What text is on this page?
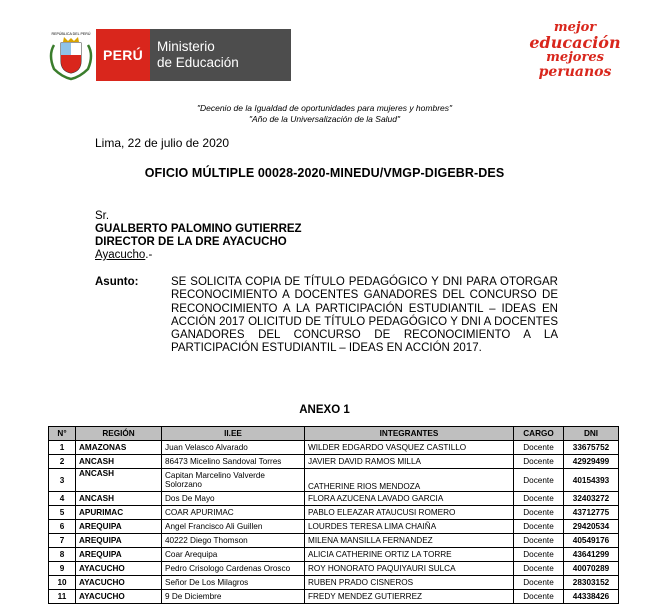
REPÚBLICA DEL PERÚ
PERÚ
Ministerio
de Educación
mejor
educación
mejores
peruanos
"Decenio de la Igualdad de oportunidades para mujeres y hombres"
"Año de la Universalización de la Salud"
Lima, 22 de julio de 2020
OFICIO MÚLTIPLE 00028-2020-MINEDU/VMGP-DIGEBR-DES
Sr.
GUALBERTO PALOMINO GUTIERREZ
DIRECTOR DE LA DRE AYACUCHO
Ayacucho.-
Asunto:	SE SOLICITA COPIA DE TÍTULO PEDAGÓGICO Y DNI PARA OTORGAR RECONOCIMIENTO A DOCENTES GANADORES DEL CONCURSO DE RECONOCIMIENTO A LA PARTICIPACIÓN ESTUDIANTIL – IDEAS EN ACCIÓN 2017 OLICITUD DE TÍTULO PEDAGÓGICO Y DNI A DOCENTES GANADORES DEL CONCURSO DE RECONOCIMIENTO A LA PARTICIPACIÓN ESTUDIANTIL – IDEAS EN ACCIÓN 2017.
ANEXO 1
N°	REGIÓN	II.EE	INTEGRANTES	CARGO	DNI
1	AMAZONAS	Juan Velasco Alvarado	WILDER EDGARDO VASQUEZ CASTILLO	Docente	33675752
2	ANCASH	86473 Micelino Sandoval Torres	JAVIER DAVID RAMOS MILLA	Docente	42929499
3	ANCASH	Capitan Marcelino Valverde Solorzano	CATHERINE RIOS MENDOZA	Docente	40154393
4	ANCASH	Dos De Mayo	FLORA AZUCENA LAVADO GARCIA	Docente	32403272
5	APURIMAC	COAR APURIMAC	PABLO ELEAZAR ATAUCUSI ROMERO	Docente	43712775
6	AREQUIPA	Angel Francisco Ali Guillen	LOURDES TERESA LIMA CHAIÑA	Docente	29420534
7	AREQUIPA	40222 Diego Thomson	MILENA MANSILLA FERNANDEZ	Docente	40549176
8	AREQUIPA	Coar Arequipa	ALICIA CATHERINE ORTIZ LA TORRE	Docente	43641299
9	AYACUCHO	Pedro Crisologo Cardenas Orosco	ROY HONORATO PAQUIYAURI SULCA	Docente	40070289
10	AYACUCHO	Señor De Los Milagros	RUBEN PRADO CISNEROS	Docente	28303152
11	AYACUCHO	9 De Diciembre	FREDY MENDEZ GUTIERREZ	Docente	44338426
